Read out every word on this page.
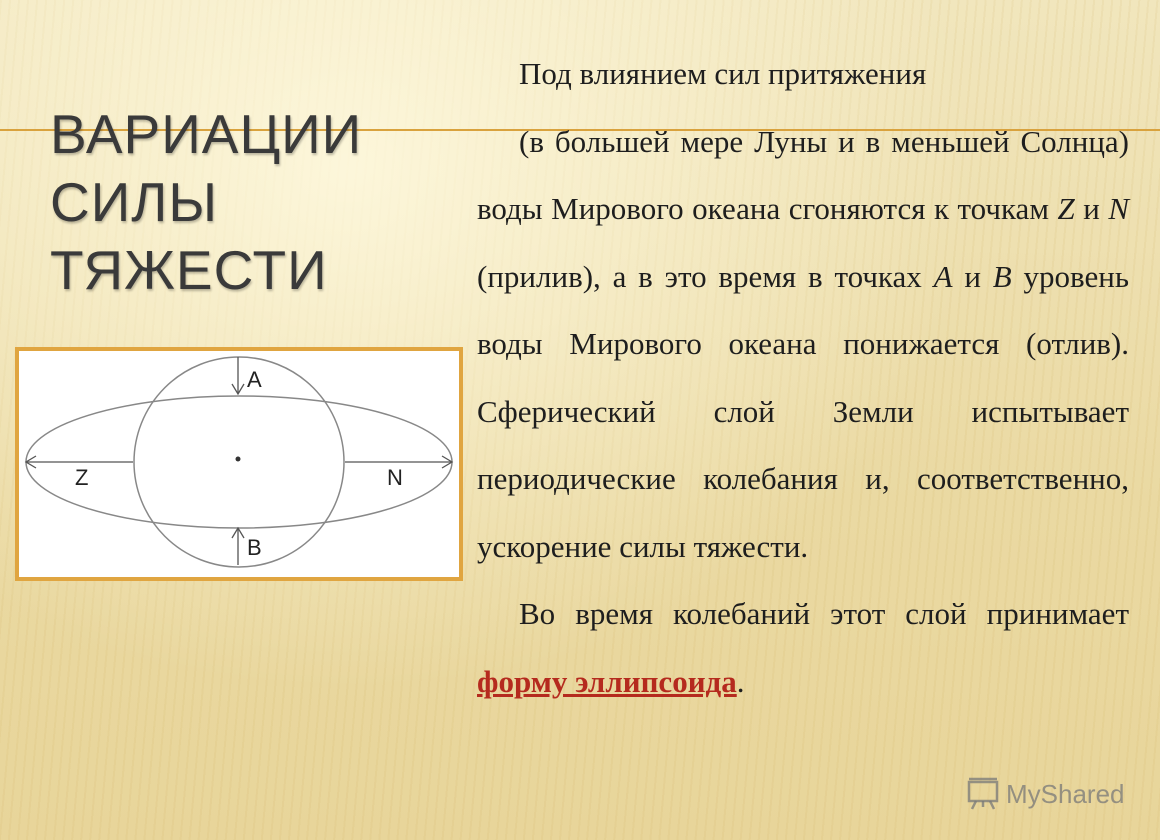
ВАРИАЦИИ
СИЛЫ
ТЯЖЕСТИ
A
B
Z	N

Под влиянием сил притяжения

(в большей мере Луны и в меньшей Солнца) воды Мирового океана сгоняются к точкам Z и N (прилив), а в это время в точках A и B уровень воды Мирового океана понижается (отлив). Сферический слой Земли испытывает периодические колебания и, соответственно, ускорение силы тяжести.

Во время колебаний этот слой принимает форму эллипсоида.

MyShared
